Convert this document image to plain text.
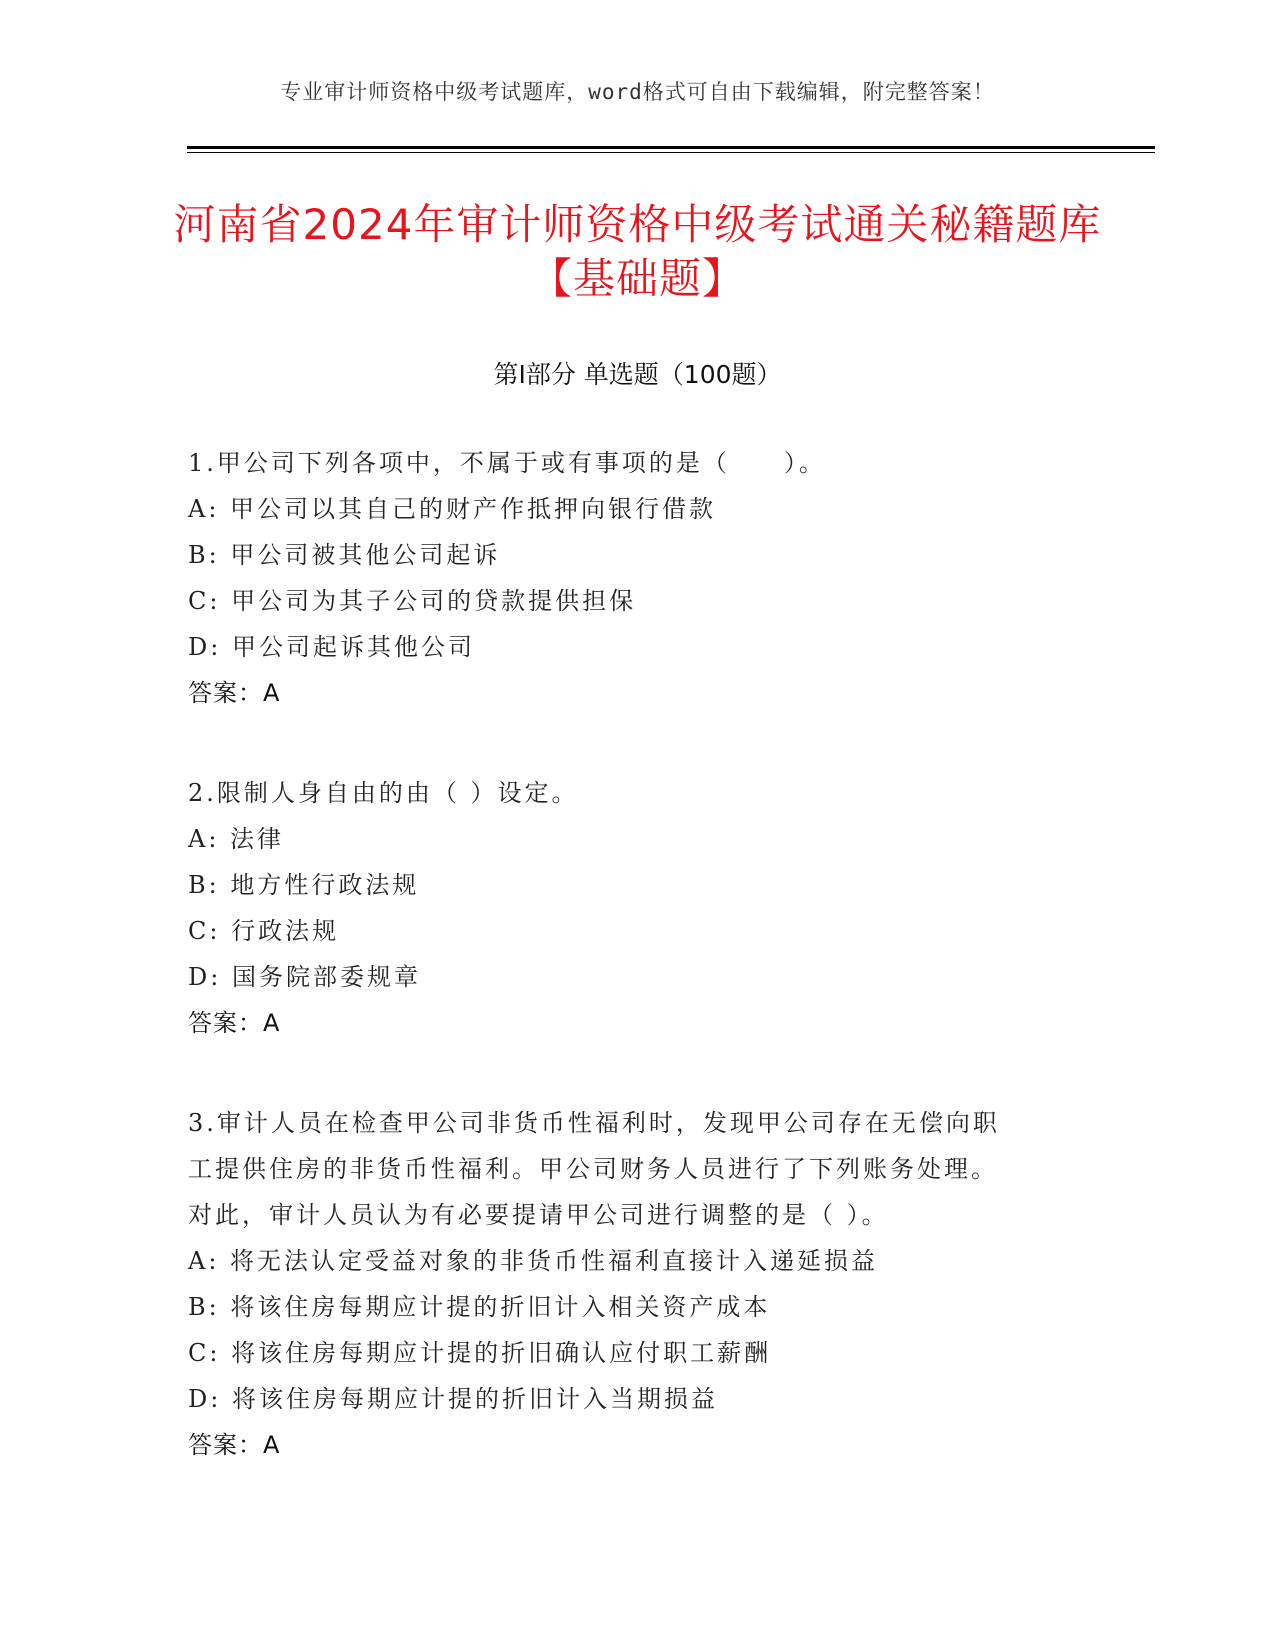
专业审计师资格中级考试题库，word格式可自由下载编辑，附完整答案！
河南省2024年审计师资格中级考试通关秘籍题库【基础题】
第I部分 单选题（100题）
1.甲公司下列各项中，不属于或有事项的是（　　）。
A: 甲公司以其自己的财产作抵押向银行借款
B: 甲公司被其他公司起诉
C: 甲公司为其子公司的贷款提供担保
D: 甲公司起诉其他公司
答案：A
2.限制人身自由的由（ ）设定。
A: 法律
B: 地方性行政法规
C: 行政法规
D: 国务院部委规章
答案：A
3.审计人员在检查甲公司非货币性福利时，发现甲公司存在无偿向职
工提供住房的非货币性福利。甲公司财务人员进行了下列账务处理。
对此，审计人员认为有必要提请甲公司进行调整的是（ ）。
A: 将无法认定受益对象的非货币性福利直接计入递延损益
B: 将该住房每期应计提的折旧计入相关资产成本
C: 将该住房每期应计提的折旧确认应付职工薪酬
D: 将该住房每期应计提的折旧计入当期损益
答案：A
